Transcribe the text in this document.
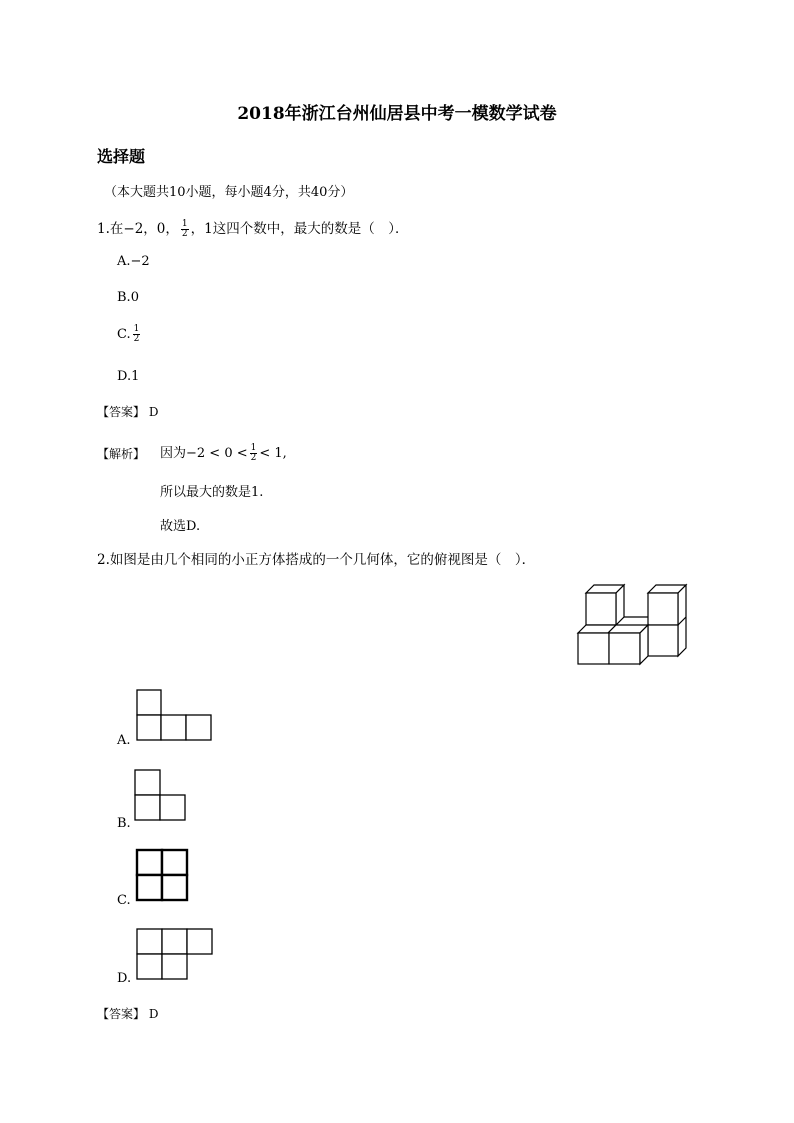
2018年浙江台州仙居县中考一模数学试卷
选择题
（本大题共10小题，每小题4分，共40分）
1.在−2，0， $\frac{1}{2}$ ，1这四个数中，最大的数是（　）．
A.−2
B.0
C. $\frac{1}{2}$
D.1
【答案】 D
【解析】 因为$-2 < 0 < \frac{1}{2} < 1$,
所以最大的数是1.
故选D.
2.如图是由几个相同的小正方体搭成的一个几何体，它的俯视图是（　）．
A.
B.
C.
D.
【答案】 D
